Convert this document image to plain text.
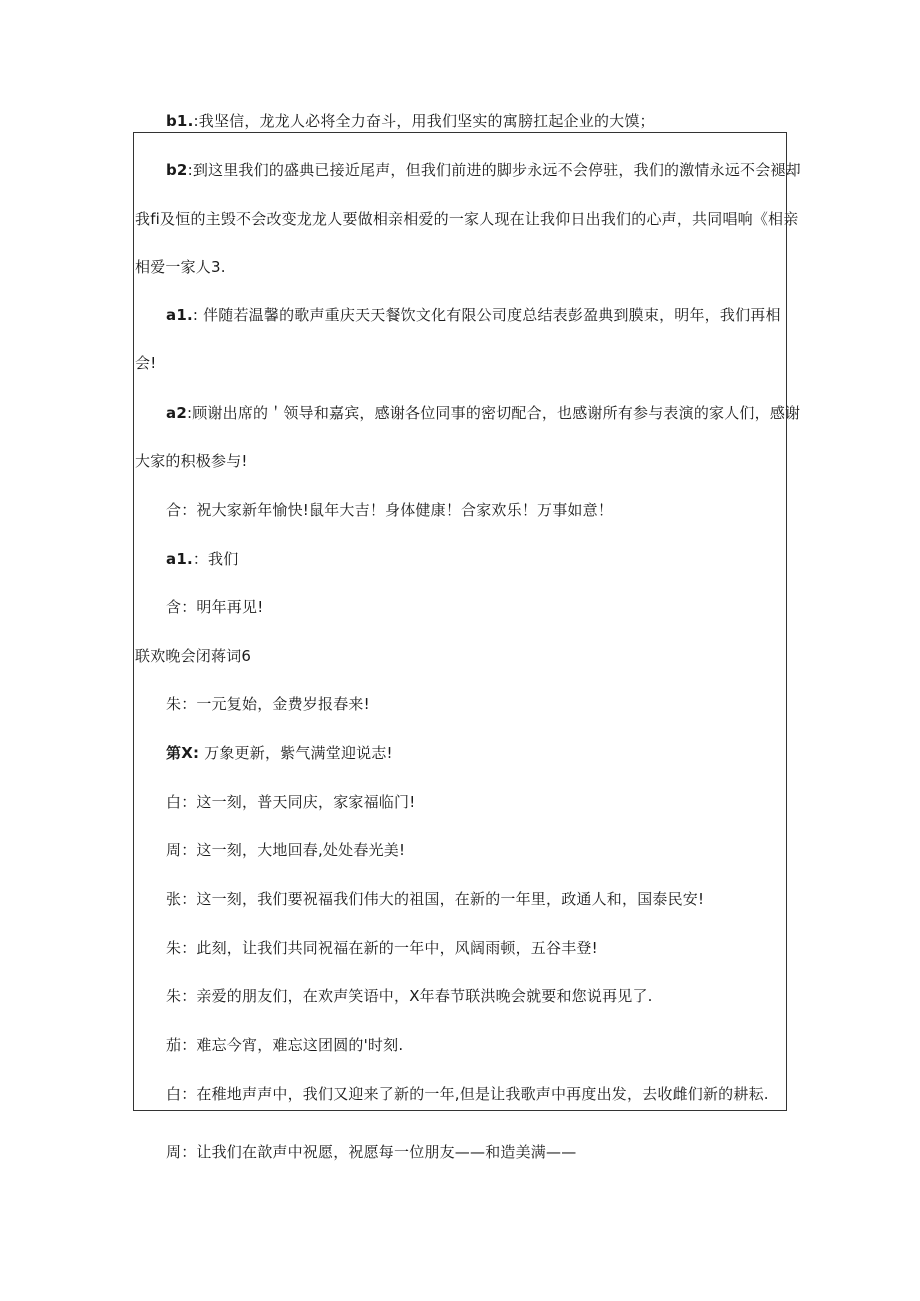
b1.:我坚信，龙龙人必将全力奋斗，用我们坚实的寓膀扛起企业的大馍；
b2:到这里我们的盛典已接近尾声，但我们前进的脚步永远不会停驻，我们的激情永远不会褪却
我fi及恒的主毁不会改变龙龙人要做相亲相爱的一家人现在让我仰日出我们的心声，共同唱响《相亲
相爱一家人3.
a1.: 伴随若温馨的歌声重庆天天餐饮文化有限公司度总结表彭盈典到膜束，明年，我们再相
会!
a2:顾谢出席的＇领导和嘉宾，感谢各位同事的密切配合，也感谢所有参与表演的家人们，感谢
大家的积极参与!
合：祝大家新年愉快!鼠年大吉！身体健康！合家欢乐！万事如意！
a1.：我们
含：明年再见!
联欢晚会闭蒋词6
朱：一元复始，金费岁报春来!
第X: 万象更新，紫气满堂迎说志!
白：这一刻，普天同庆，家家福临门!
周：这一刻，大地回春,处处春光美!
张：这一刻，我们要祝福我们伟大的祖国，在新的一年里，政通人和，国泰民安!
朱：此刻，让我们共同祝福在新的一年中，风阔雨顿，五谷丰登!
朱：亲爱的朋友们，在欢声笑语中，X年春节联洪晚会就要和您说再见了.
茄：难忘今宵，难忘这团圆的'时刻.
白：在稚地声声中，我们又迎来了新的一年,但是让我歌声中再度出发，去收雌们新的耕耘.
周：让我们在歆声中祝愿，祝愿每一位朋友——和造美满——
